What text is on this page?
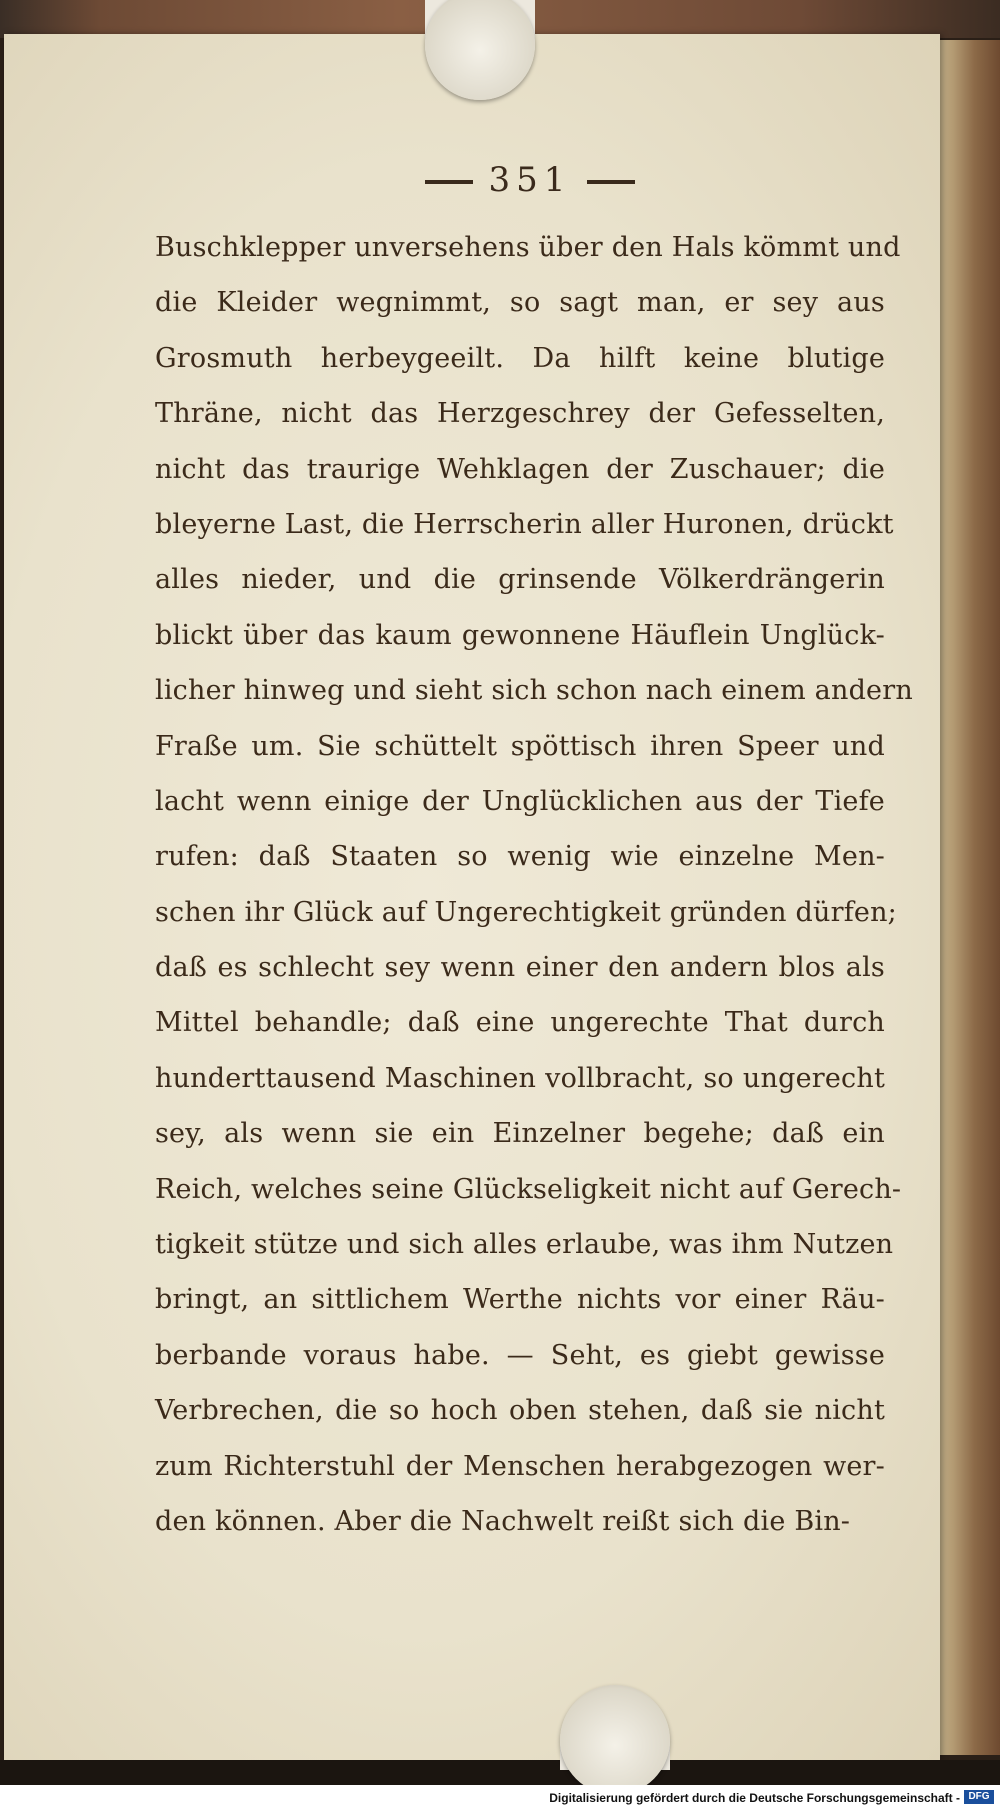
351
Buschklepper unversehens über den Hals kömmt und
die Kleider wegnimmt, so sagt man, er sey aus
Grosmuth herbeygeeilt. Da hilft keine blutige
Thräne, nicht das Herzgeschrey der Gefesselten,
nicht das traurige Wehklagen der Zuschauer; die
bleyerne Last, die Herrscherin aller Huronen, drückt
alles nieder, und die grinsende Völkerdrängerin
blickt über das kaum gewonnene Häuflein Unglück-
licher hinweg und sieht sich schon nach einem andern
Fraße um. Sie schüttelt spöttisch ihren Speer und
lacht wenn einige der Unglücklichen aus der Tiefe
rufen: daß Staaten so wenig wie einzelne Men-
schen ihr Glück auf Ungerechtigkeit gründen dürfen;
daß es schlecht sey wenn einer den andern blos als
Mittel behandle; daß eine ungerechte That durch
hunderttausend Maschinen vollbracht, so ungerecht
sey, als wenn sie ein Einzelner begehe; daß ein
Reich, welches seine Glückseligkeit nicht auf Gerech-
tigkeit stütze und sich alles erlaube, was ihm Nutzen
bringt, an sittlichem Werthe nichts vor einer Räu-
berbande voraus habe. — Seht, es giebt gewisse
Verbrechen, die so hoch oben stehen, daß sie nicht
zum Richterstuhl der Menschen herabgezogen wer-
den können. Aber die Nachwelt reißt sich die Bin-
Digitalisierung gefördert durch die Deutsche Forschungsgemeinschaft - DFG
